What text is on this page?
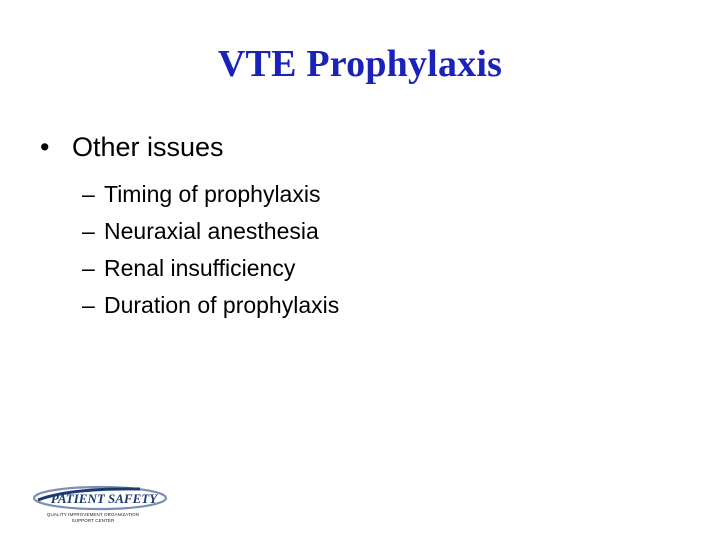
VTE Prophylaxis
• Other issues
– Timing of prophylaxis
– Neuraxial anesthesia
– Renal insufficiency
– Duration of prophylaxis
PATIENT SAFETY
QUALITY IMPROVEMENT ORGANIZATION
SUPPORT CENTER
